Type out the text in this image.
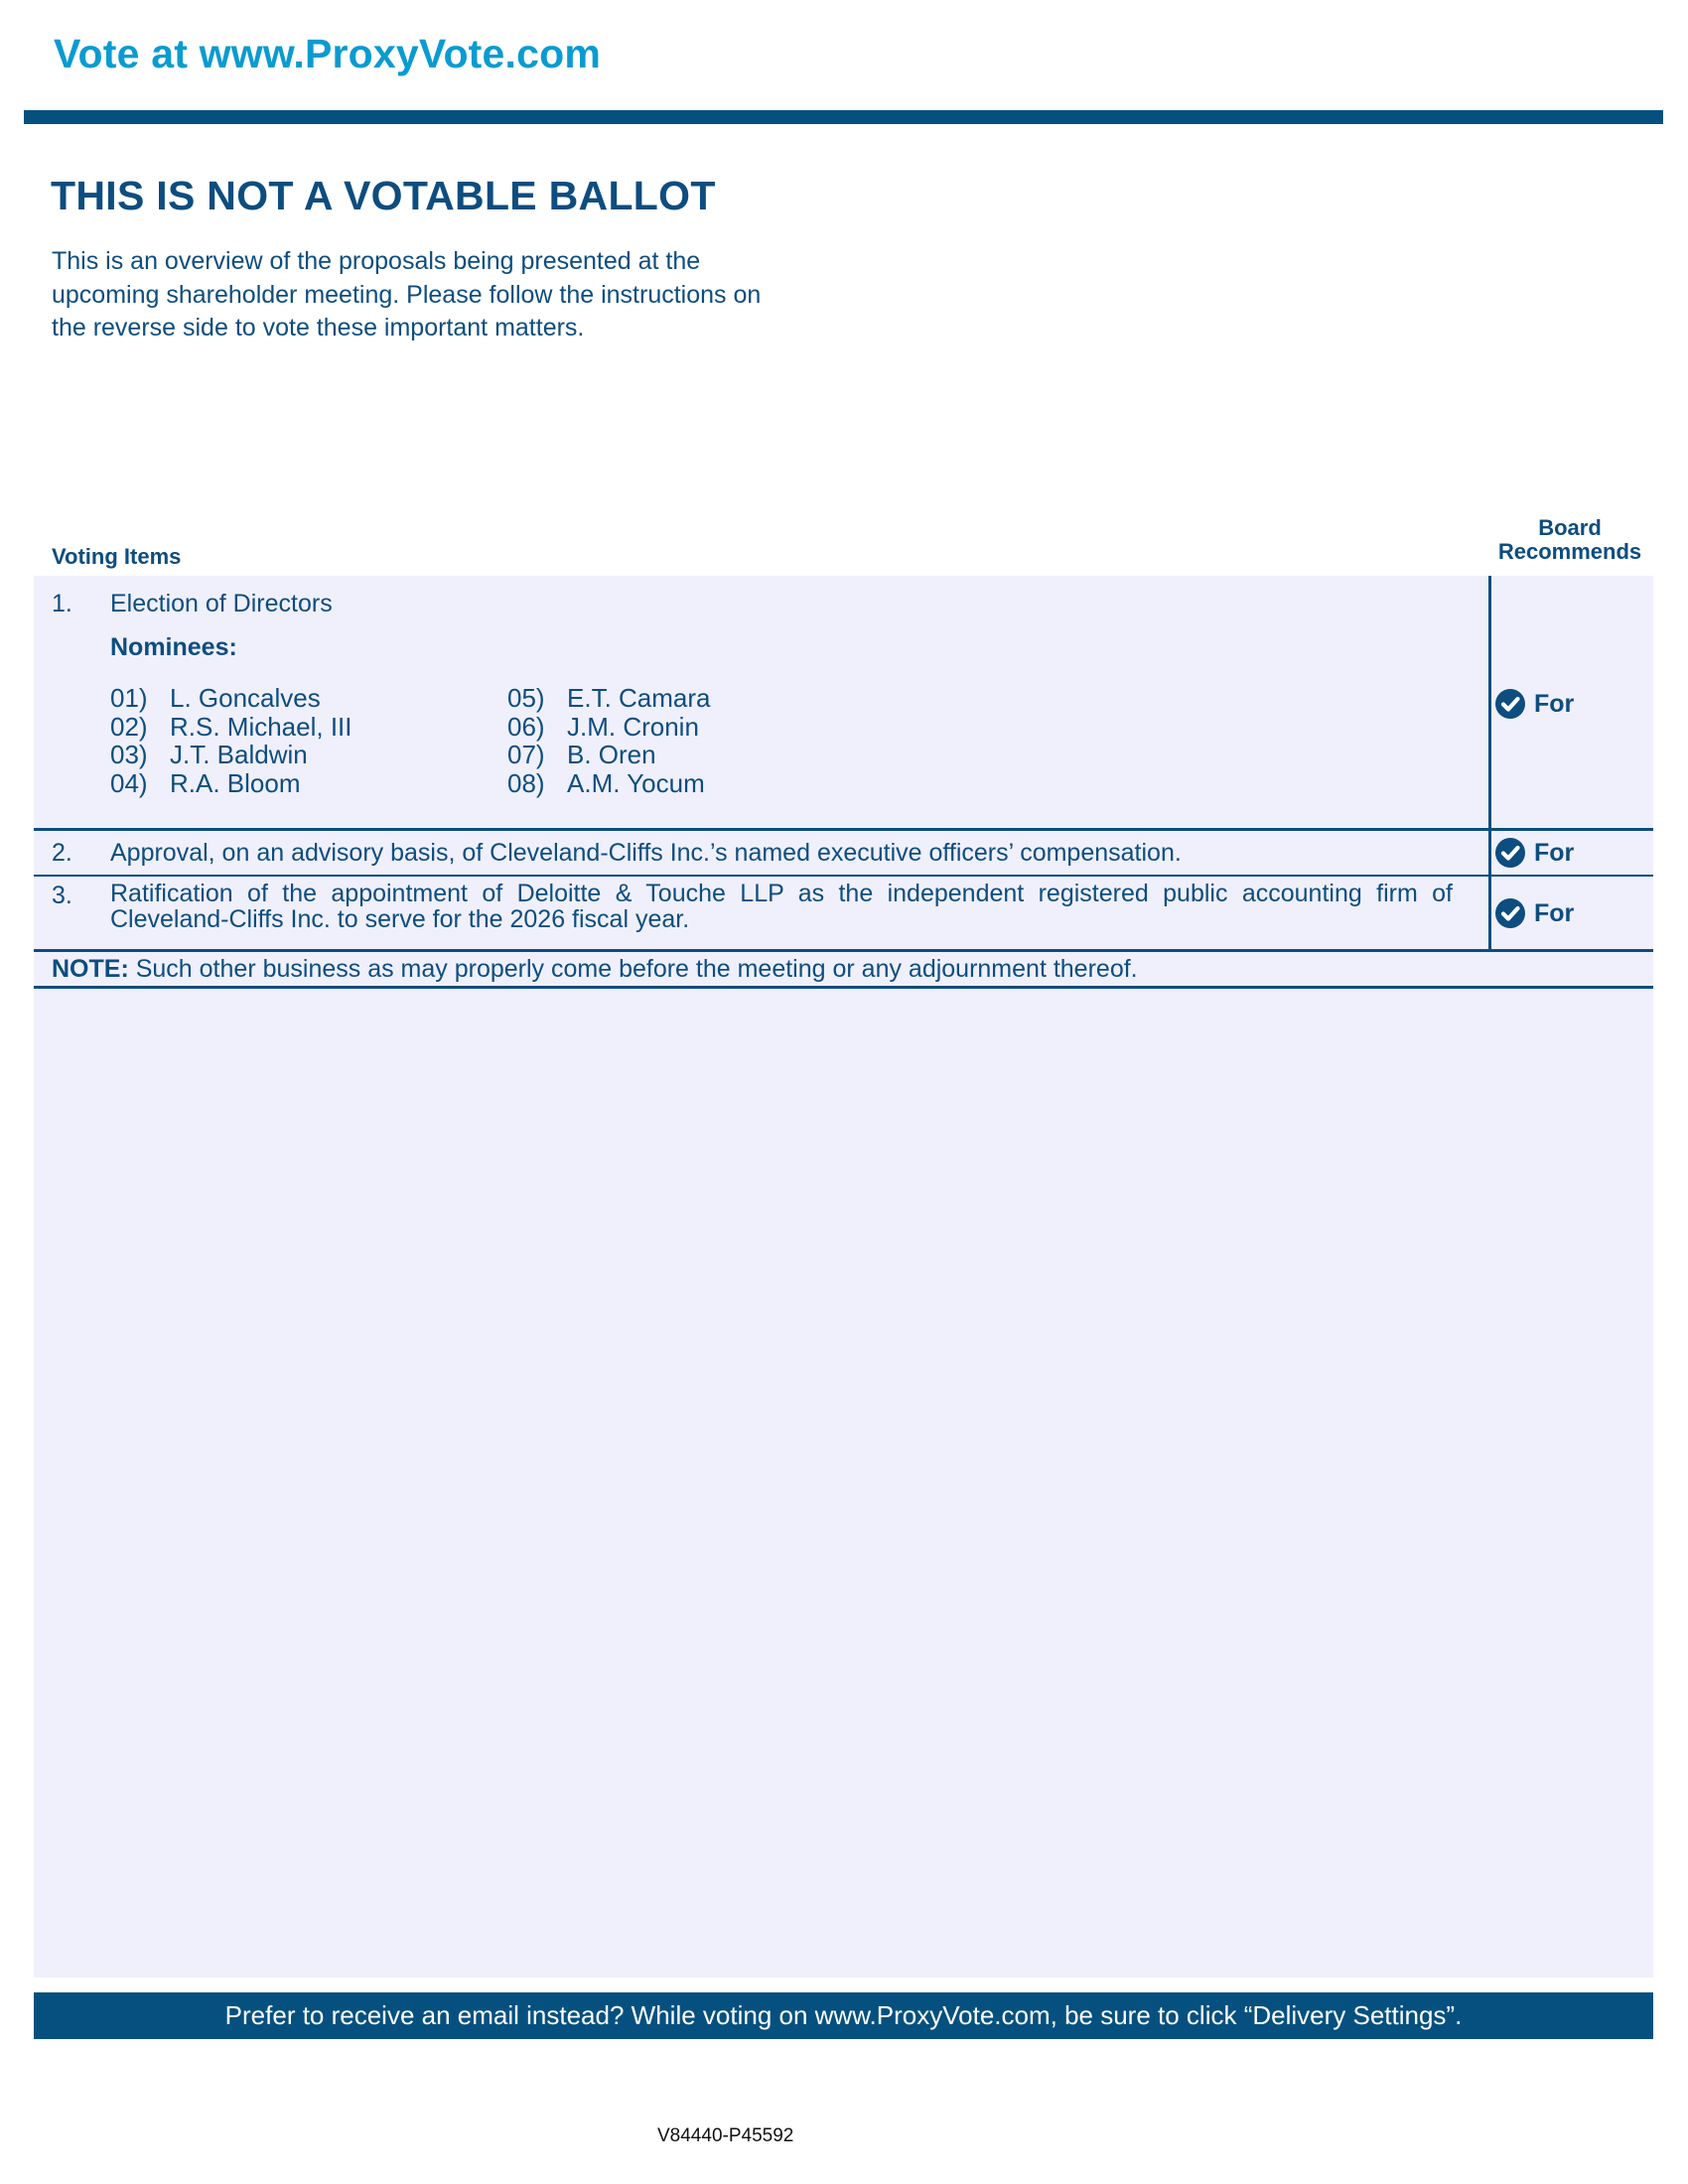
Vote at www.ProxyVote.com
THIS IS NOT A VOTABLE BALLOT
This is an overview of the proposals being presented at the
upcoming shareholder meeting. Please follow the instructions on
the reverse side to vote these important matters.
Voting Items
Board
Recommends
1. Election of Directors
Nominees:
01) L. Goncalves
02) R.S. Michael, III
03) J.T. Baldwin
04) R.A. Bloom
05) E.T. Camara
06) J.M. Cronin
07) B. Oren
08) A.M. Yocum
For
2. Approval, on an advisory basis, of Cleveland-Cliffs Inc.’s named executive officers’ compensation.	For
3. Ratification of the appointment of Deloitte & Touche LLP as the independent registered public accounting firm of
Cleveland-Cliffs Inc. to serve for the 2026 fiscal year.	For
NOTE: Such other business as may properly come before the meeting or any adjournment thereof.
Prefer to receive an email instead? While voting on www.ProxyVote.com, be sure to click “Delivery Settings”.
V84440-P45592
